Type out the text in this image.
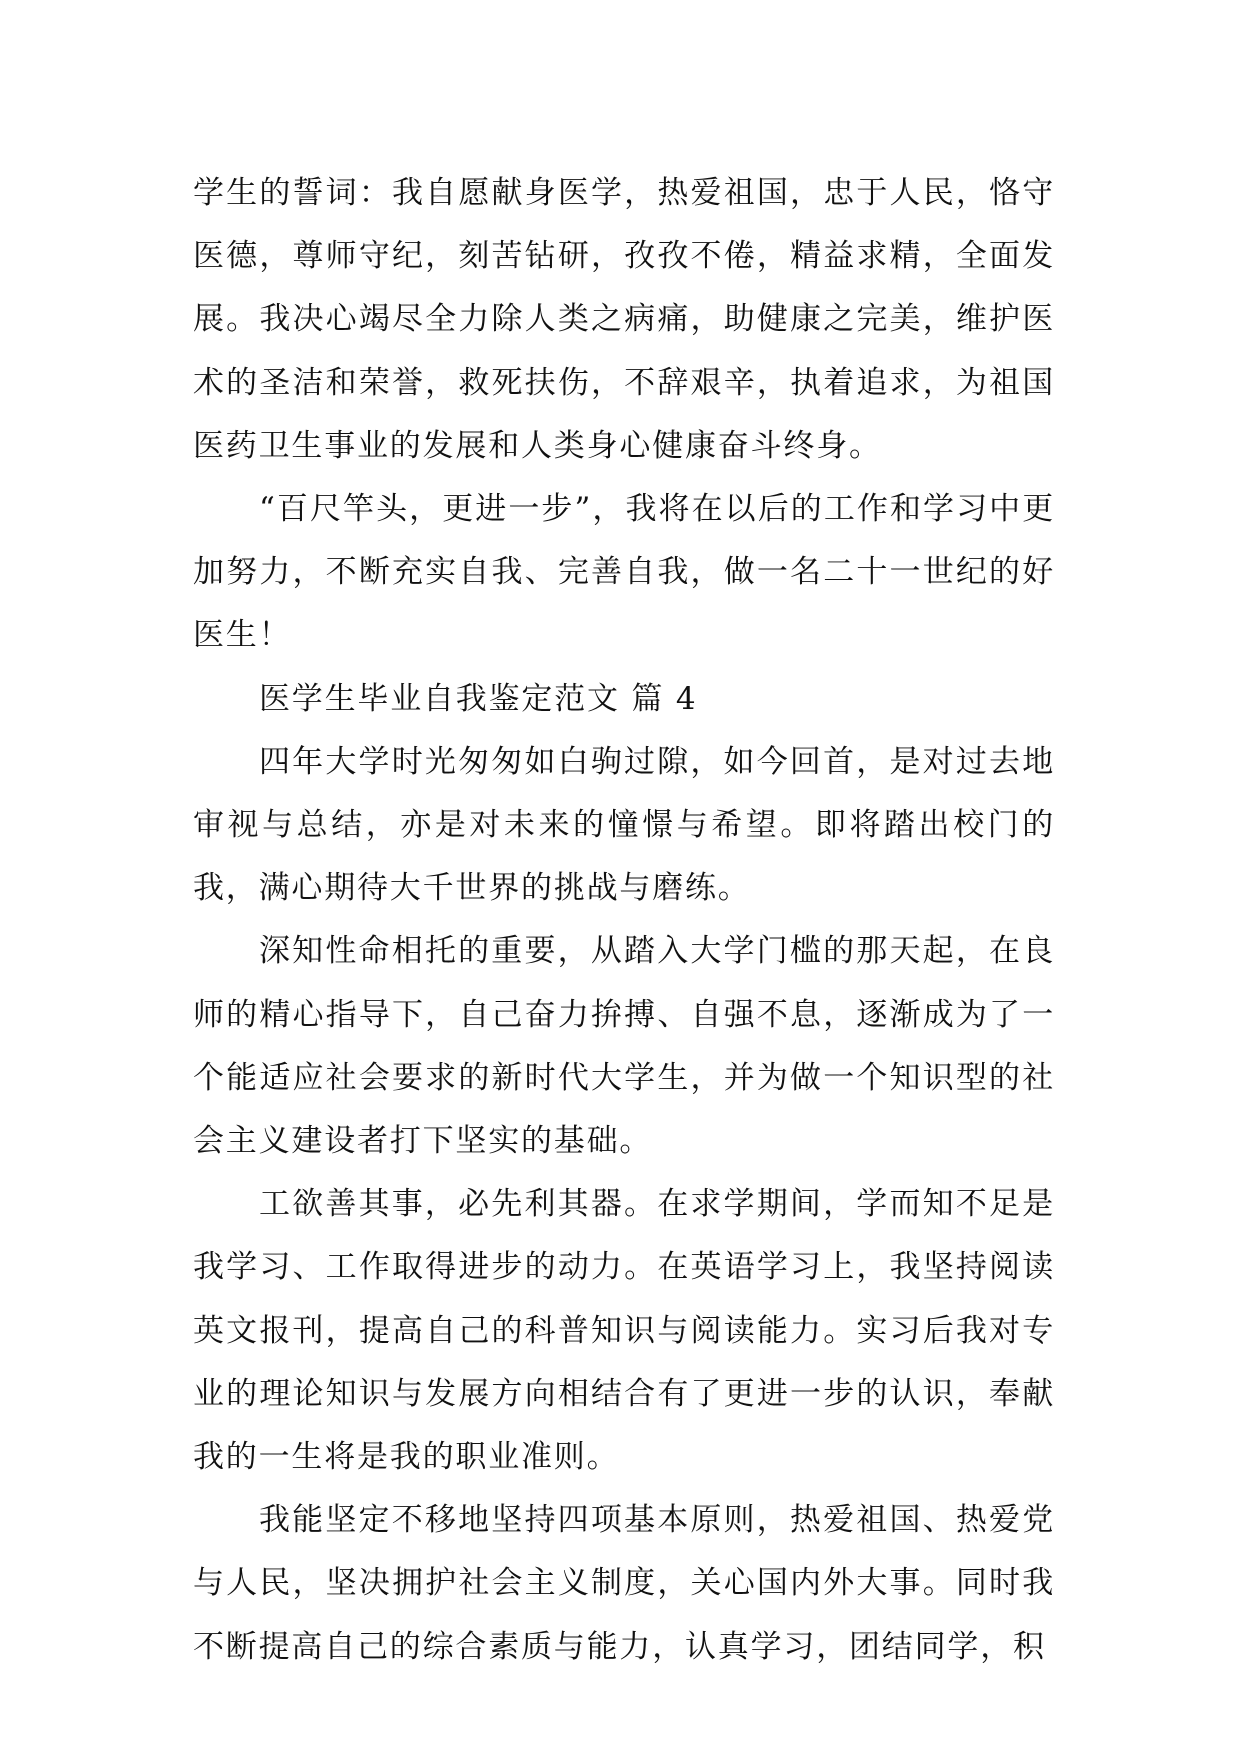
学生的誓词：我自愿献身医学，热爱祖国，忠于人民，恪守医德，尊师守纪，刻苦钻研，孜孜不倦，精益求精，全面发展。我决心竭尽全力除人类之病痛，助健康之完美，维护医术的圣洁和荣誉，救死扶伤，不辞艰辛，执着追求，为祖国医药卫生事业的发展和人类身心健康奋斗终身。

“百尺竿头，更进一步”，我将在以后的工作和学习中更加努力，不断充实自我、完善自我，做一名二十一世纪的好医生！

医学生毕业自我鉴定范文 篇 4

四年大学时光匆匆如白驹过隙，如今回首，是对过去地审视与总结，亦是对未来的憧憬与希望。即将踏出校门的我，满心期待大千世界的挑战与磨练。

深知性命相托的重要，从踏入大学门槛的那天起，在良师的精心指导下，自己奋力拚搏、自强不息，逐渐成为了一个能适应社会要求的新时代大学生，并为做一个知识型的社会主义建设者打下坚实的基础。

工欲善其事，必先利其器。在求学期间，学而知不足是我学习、工作取得进步的动力。在英语学习上，我坚持阅读英文报刊，提高自己的科普知识与阅读能力。实习后我对专业的理论知识与发展方向相结合有了更进一步的认识，奉献我的一生将是我的职业准则。

我能坚定不移地坚持四项基本原则，热爱祖国、热爱党与人民，坚决拥护社会主义制度，关心国内外大事。同时我不断提高自己的综合素质与能力，认真学习，团结同学，积
